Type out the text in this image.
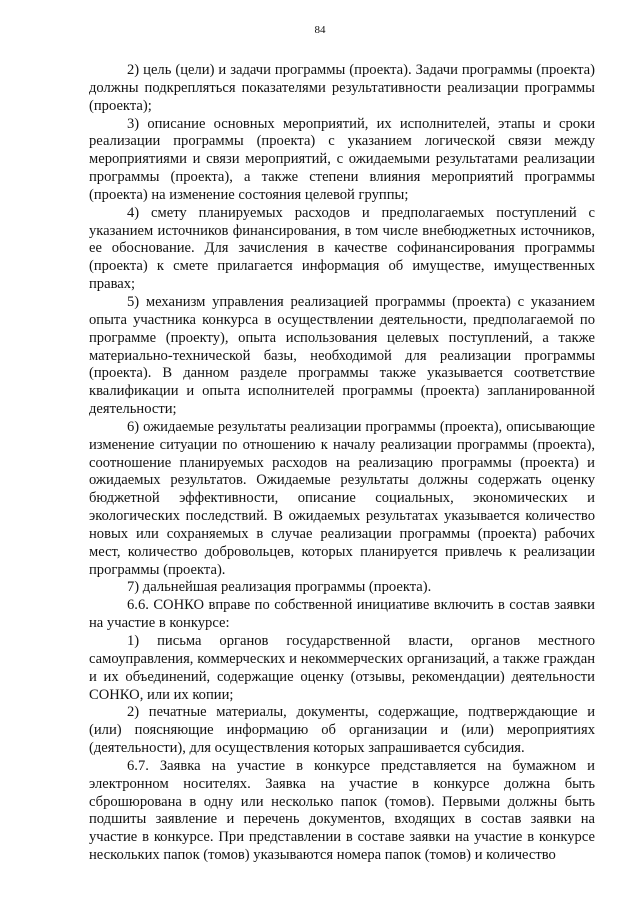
84

2) цель (цели) и задачи программы (проекта). Задачи программы (проекта) должны подкрепляться показателями результативности реализации программы (проекта);

3) описание основных мероприятий, их исполнителей, этапы и сроки реализации программы (проекта) с указанием логической связи между мероприятиями и связи мероприятий, с ожидаемыми результатами реализации программы (проекта), а также степени влияния мероприятий программы (проекта) на изменение состояния целевой группы;

4) смету планируемых расходов и предполагаемых поступлений с указанием источников финансирования, в том числе внебюджетных источников, ее обоснование. Для зачисления в качестве софинансирования программы (проекта) к смете прилагается информация об имуществе, имущественных правах;

5) механизм управления реализацией программы (проекта) с указанием опыта участника конкурса в осуществлении деятельности, предполагаемой по программе (проекту), опыта использования целевых поступлений, а также материально-технической базы, необходимой для реализации программы (проекта). В данном разделе программы также указывается соответствие квалификации и опыта исполнителей программы (проекта) запланированной деятельности;

6) ожидаемые результаты реализации программы (проекта), описывающие изменение ситуации по отношению к началу реализации программы (проекта), соотношение планируемых расходов на реализацию программы (проекта) и ожидаемых результатов. Ожидаемые результаты должны содержать оценку бюджетной эффективности, описание социальных, экономических и экологических последствий. В ожидаемых результатах указывается количество новых или сохраняемых в случае реализации программы (проекта) рабочих мест, количество добровольцев, которых планируется привлечь к реализации программы (проекта).

7) дальнейшая реализация программы (проекта).

6.6. СОНКО вправе по собственной инициативе включить в состав заявки на участие в конкурсе:

1) письма органов государственной власти, органов местного самоуправления, коммерческих и некоммерческих организаций, а также граждан и их объединений, содержащие оценку (отзывы, рекомендации) деятельности СОНКО, или их копии;

2) печатные материалы, документы, содержащие, подтверждающие и (или) поясняющие информацию об организации и (или) мероприятиях (деятельности), для осуществления которых запрашивается субсидия.

6.7. Заявка на участие в конкурсе представляется на бумажном и электронном носителях. Заявка на участие в конкурсе должна быть сброшюрована в одну или несколько папок (томов). Первыми должны быть подшиты заявление и перечень документов, входящих в состав заявки на участие в конкурсе. При представлении в составе заявки на участие в конкурсе нескольких папок (томов) указываются номера папок (томов) и количество
